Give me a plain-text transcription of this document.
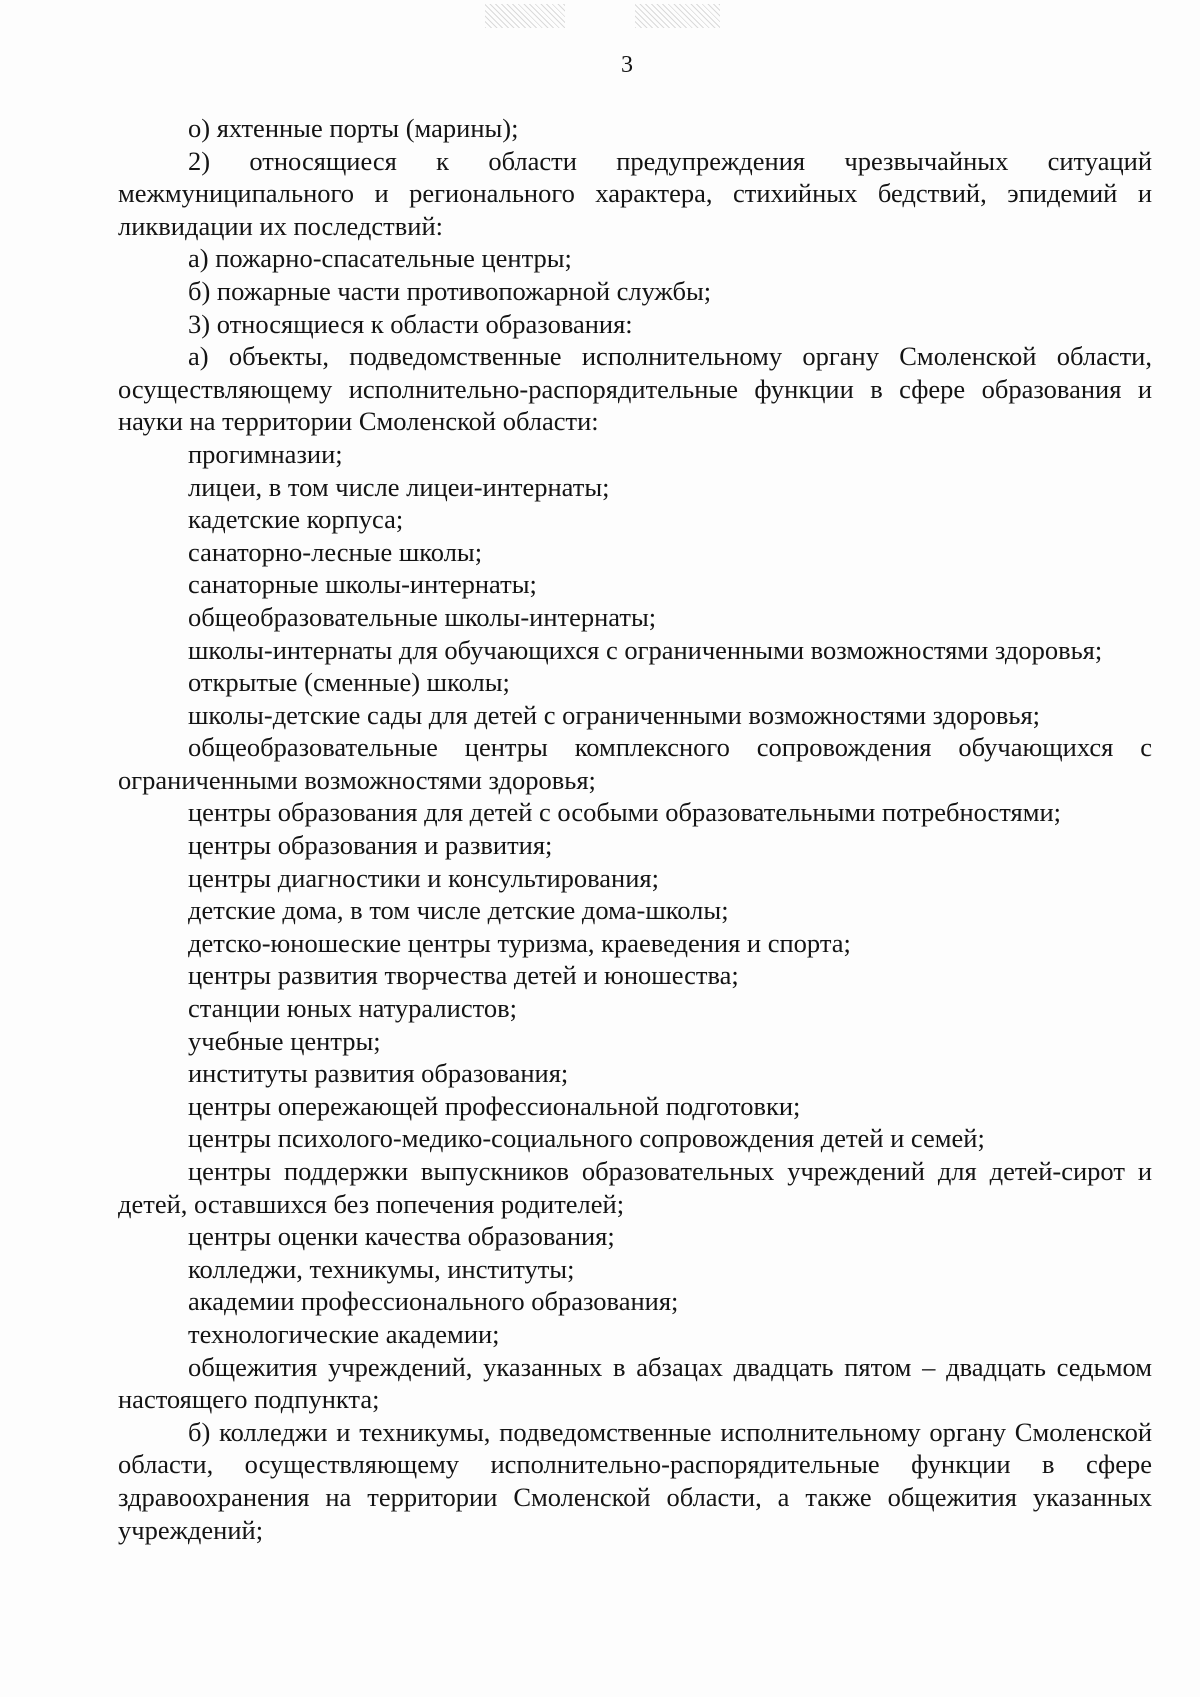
3

о) яхтенные порты (марины);

2) относящиеся к области предупреждения чрезвычайных ситуаций межмуниципального и регионального характера, стихийных бедствий, эпидемий и ликвидации их последствий:

а) пожарно-спасательные центры;

б) пожарные части противопожарной службы;

3) относящиеся к области образования:

а) объекты, подведомственные исполнительному органу Смоленской области, осуществляющему исполнительно-распорядительные функции в сфере образования и науки на территории Смоленской области:

прогимназии;

лицеи, в том числе лицеи-интернаты;

кадетские корпуса;

санаторно-лесные школы;

санаторные школы-интернаты;

общеобразовательные школы-интернаты;

школы-интернаты для обучающихся с ограниченными возможностями здоровья;

открытые (сменные) школы;

школы-детские сады для детей с ограниченными возможностями здоровья;

общеобразовательные центры комплексного сопровождения обучающихся с ограниченными возможностями здоровья;

центры образования для детей с особыми образовательными потребностями;

центры образования и развития;

центры диагностики и консультирования;

детские дома, в том числе детские дома-школы;

детско-юношеские центры туризма, краеведения и спорта;

центры развития творчества детей и юношества;

станции юных натуралистов;

учебные центры;

институты развития образования;

центры опережающей профессиональной подготовки;

центры психолого-медико-социального сопровождения детей и семей;

центры поддержки выпускников образовательных учреждений для детей-сирот и детей, оставшихся без попечения родителей;

центры оценки качества образования;

колледжи, техникумы, институты;

академии профессионального образования;

технологические академии;

общежития учреждений, указанных в абзацах двадцать пятом – двадцать седьмом настоящего подпункта;

б) колледжи и техникумы, подведомственные исполнительному органу Смоленской области, осуществляющему исполнительно-распорядительные функции в сфере здравоохранения на территории Смоленской области, а также общежития указанных учреждений;
